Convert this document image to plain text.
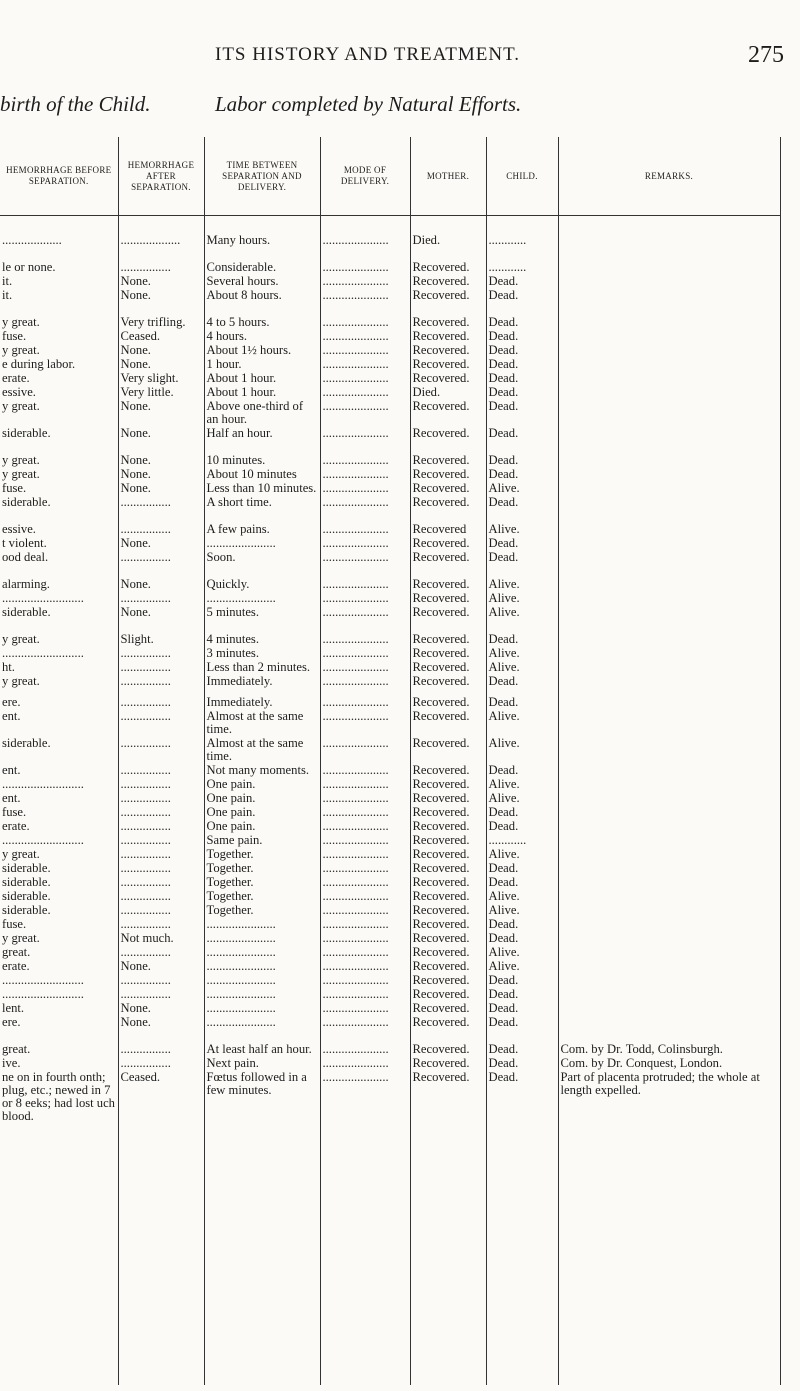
ITS HISTORY AND TREATMENT.	275
birth of the Child.	Labor completed by Natural Efforts.
HEMORRHAGE BEFORE SEPARATION.	HEMORRHAGE AFTER SEPARATION.	TIME BETWEEN SEPARATION AND DELIVERY.	MODE OF DELIVERY.	MOTHER.	CHILD.	REMARKS.
...................	...................	Many hours.	.....................	Died.	............	
le or none.	................	Considerable.	.....................	Recovered.	............	
it.	None.	Several hours.	.....................	Recovered.	Dead.	
it.	None.	About 8 hours.	.....................	Recovered.	Dead.	
y great.	Very trifling.	4 to 5 hours.	.....................	Recovered.	Dead.	
fuse.	Ceased.	4 hours.	.....................	Recovered.	Dead.	
y great.	None.	About 1½ hours.	.....................	Recovered.	Dead.	
e during labor.	None.	1 hour.	.....................	Recovered.	Dead.	
erate.	Very slight.	About 1 hour.	.....................	Recovered.	Dead.	
essive.	Very little.	About 1 hour.	.....................	Died.	Dead.	
y great.	None.	Above one-third of an hour.	.....................	Recovered.	Dead.	
siderable.	None.	Half an hour.	.....................	Recovered.	Dead.	
y great.	None.	10 minutes.	.....................	Recovered.	Dead.	
y great.	None.	About 10 minutes	.....................	Recovered.	Dead.	
fuse.	None.	Less than 10 minutes.	.....................	Recovered.	Alive.	
siderable.	................	A short time.	.....................	Recovered.	Dead.	
essive.	................	A few pains.	.....................	Recovered	Alive.	
t violent.	None.	......................	.....................	Recovered.	Dead.	
ood deal.	................	Soon.	.....................	Recovered.	Dead.	
alarming.	None.	Quickly.	.....................	Recovered.	Alive.	
..........................	................	......................	.....................	Recovered.	Alive.	
siderable.	None.	5 minutes.	.....................	Recovered.	Alive.	
y great.	Slight.	4 minutes.	.....................	Recovered.	Dead.	
..........................	................	3 minutes.	.....................	Recovered.	Alive.	
ht.	................	Less than 2 minutes.	.....................	Recovered.	Alive.	
y great.	................	Immediately.	.....................	Recovered.	Dead.	
ere.	................	Immediately.	.....................	Recovered.	Dead.	
ent.	................	Almost at the same time.	.....................	Recovered.	Alive.	
siderable.	................	Almost at the same time.	.....................	Recovered.	Alive.	
ent.	................	Not many moments.	.....................	Recovered.	Dead.	
..........................	................	One pain.	.....................	Recovered.	Alive.	
ent.	................	One pain.	.....................	Recovered.	Alive.	
fuse.	................	One pain.	.....................	Recovered.	Dead.	
erate.	................	One pain.	.....................	Recovered.	Dead.	
..........................	................	Same pain.	.....................	Recovered.	............	
y great.	................	Together.	.....................	Recovered.	Alive.	
siderable.	................	Together.	.....................	Recovered.	Dead.	
siderable.	................	Together.	.....................	Recovered.	Dead.	
siderable.	................	Together.	.....................	Recovered.	Alive.	
siderable.	................	Together.	.....................	Recovered.	Alive.	
fuse.	................	......................	.....................	Recovered.	Dead.	
y great.	Not much.	......................	.....................	Recovered.	Dead.	
great.	................	......................	.....................	Recovered.	Alive.	
erate.	None.	......................	.....................	Recovered.	Alive.	
..........................	................	......................	.....................	Recovered.	Dead.	
..........................	................	......................	.....................	Recovered.	Dead.	
lent.	None.	......................	.....................	Recovered.	Dead.	
ere.	None.	......................	.....................	Recovered.	Dead.	
great.	................	At least half an hour.	.....................	Recovered.	Dead.	Com. by Dr. Todd, Colinsburgh.
ive.	................	Next pain.	.....................	Recovered.	Dead.	Com. by Dr. Conquest, London.
ne on in fourth onth; plug, etc.; newed in 7 or 8 eeks; had lost uch blood.	Ceased.	Fœtus followed in a few minutes.	.....................	Recovered.	Dead.	Part of placenta protruded; the whole at length expelled.
